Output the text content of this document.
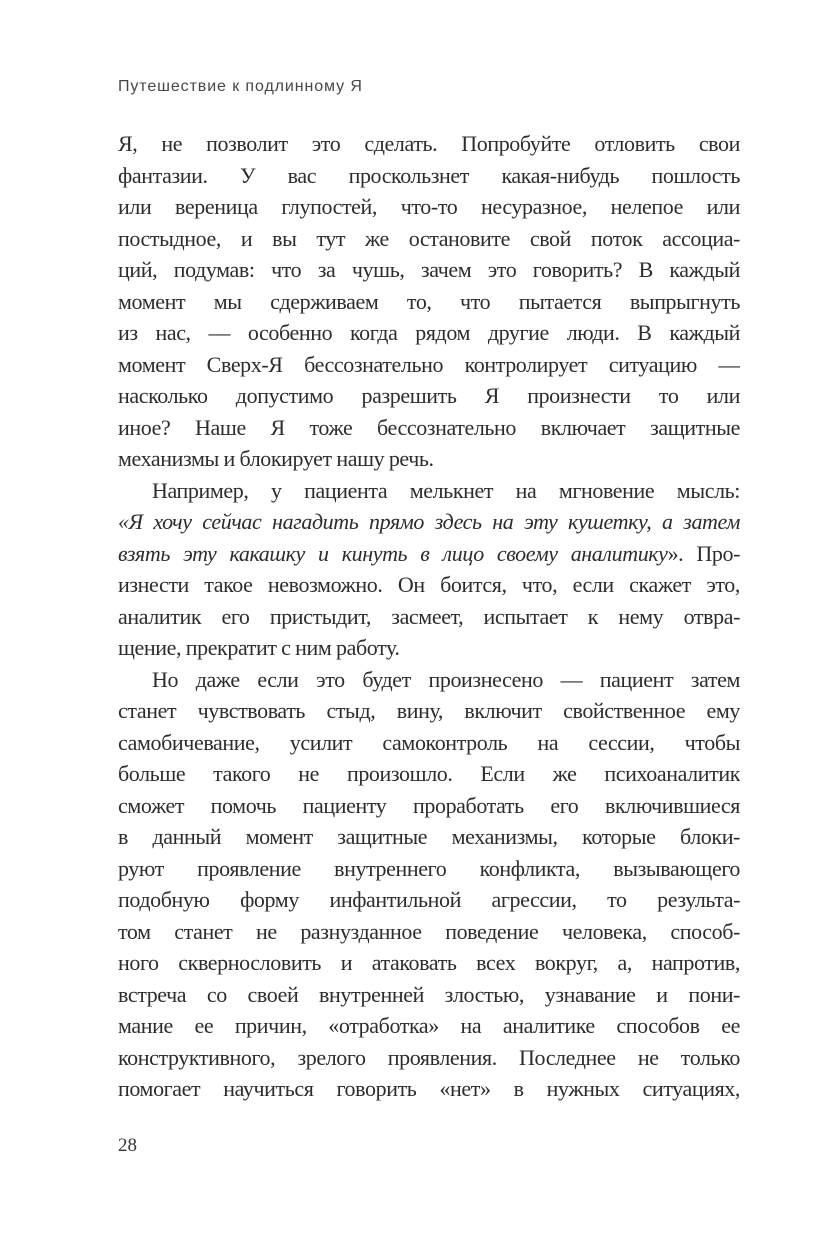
Путешествие к подлинному Я
Я, не позволит это сделать. Попробуйте отловить свои
фантазии. У вас проскользнет какая-нибудь пошлость
или вереница глупостей, что-то несуразное, нелепое или
постыдное, и вы тут же остановите свой поток ассоциа-
ций, подумав: что за чушь, зачем это говорить? В каждый
момент мы сдерживаем то, что пытается выпрыгнуть
из нас, — особенно когда рядом другие люди. В каждый
момент Сверх-Я бессознательно контролирует ситуацию —
насколько допустимо разрешить Я произнести то или
иное? Наше Я тоже бессознательно включает защитные
механизмы и блокирует нашу речь.
Например, у пациента мелькнет на мгновение мысль:
«Я хочу сейчас нагадить прямо здесь на эту кушетку, а затем
взять эту какашку и кинуть в лицо своему аналитику». Про-
изнести такое невозможно. Он боится, что, если скажет это,
аналитик его пристыдит, засмеет, испытает к нему отвра-
щение, прекратит с ним работу.
Но даже если это будет произнесено — пациент затем
станет чувствовать стыд, вину, включит свойственное ему
самобичевание, усилит самоконтроль на сессии, чтобы
больше такого не произошло. Если же психоаналитик
сможет помочь пациенту проработать его включившиеся
в данный момент защитные механизмы, которые блоки-
руют проявление внутреннего конфликта, вызывающего
подобную форму инфантильной агрессии, то результа-
том станет не разнузданное поведение человека, способ-
ного сквернословить и атаковать всех вокруг, а, напротив,
встреча со своей внутренней злостью, узнавание и пони-
мание ее причин, «отработка» на аналитике способов ее
конструктивного, зрелого проявления. Последнее не только
помогает научиться говорить «нет» в нужных ситуациях,
28
